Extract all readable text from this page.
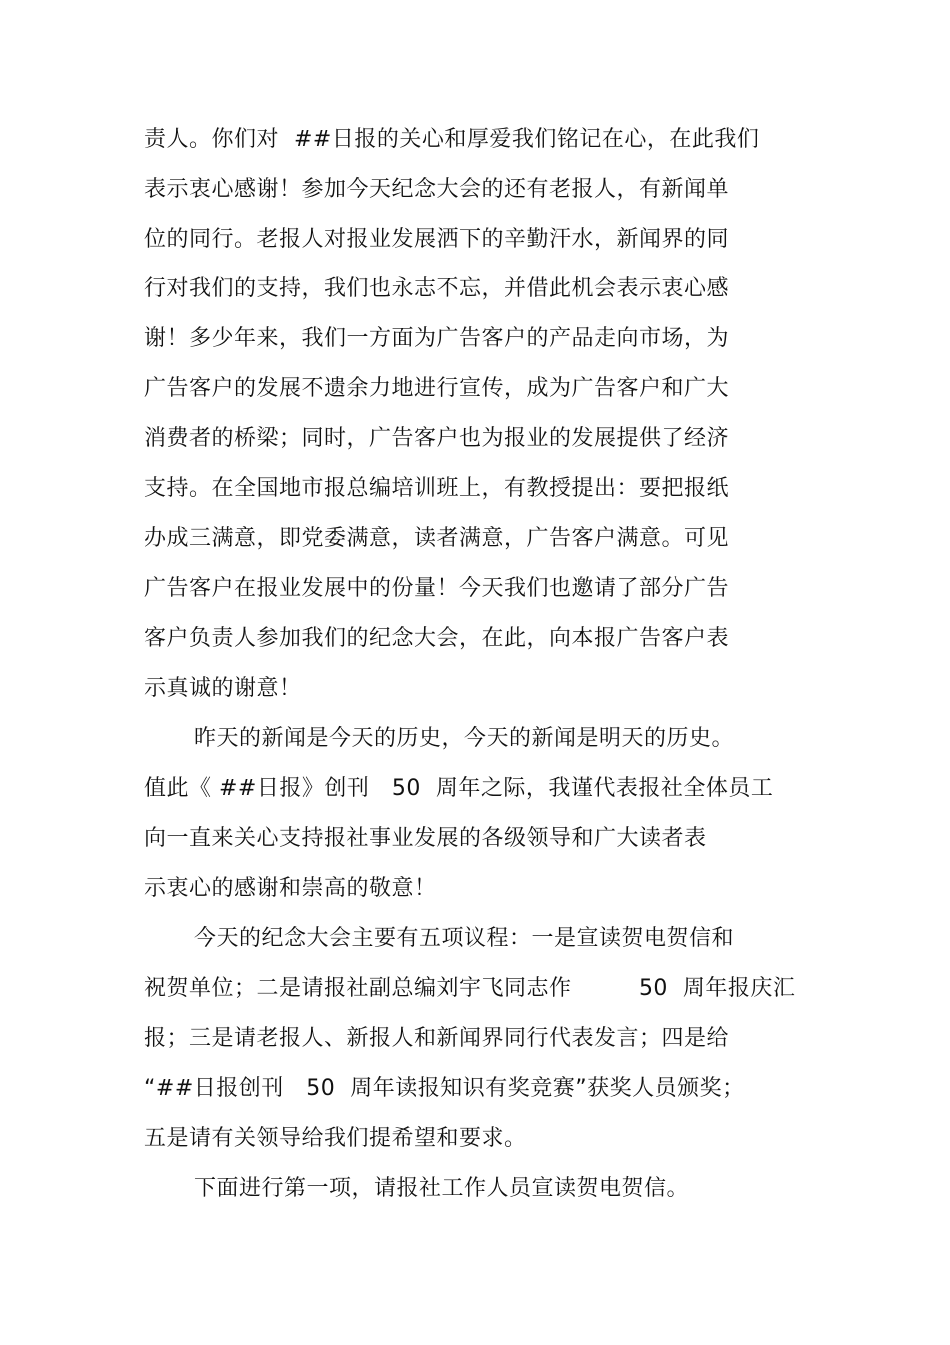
责人。你们对  ##日报的关心和厚爱我们铭记在心，在此我们
表示衷心感谢！参加今天纪念大会的还有老报人，有新闻单
位的同行。老报人对报业发展洒下的辛勤汗水，新闻界的同
行对我们的支持，我们也永志不忘，并借此机会表示衷心感
谢！多少年来，我们一方面为广告客户的产品走向市场，为
广告客户的发展不遗余力地进行宣传，成为广告客户和广大
消费者的桥梁；同时，广告客户也为报业的发展提供了经济
支持。在全国地市报总编培训班上，有教授提出：要把报纸
办成三满意，即党委满意，读者满意，广告客户满意。可见
广告客户在报业发展中的份量！今天我们也邀请了部分广告
客户负责人参加我们的纪念大会，在此，向本报广告客户表
示真诚的谢意！
昨天的新闻是今天的历史，今天的新闻是明天的历史。
值此《 ##日报》创刊   50  周年之际，我谨代表报社全体员工
向一直来关心支持报社事业发展的各级领导和广大读者表
示衷心的感谢和崇高的敬意！
今天的纪念大会主要有五项议程：一是宣读贺电贺信和
祝贺单位；二是请报社副总编刘宇飞同志作         50  周年报庆汇
报；三是请老报人、新报人和新闻界同行代表发言；四是给
“##日报创刊   50  周年读报知识有奖竞赛”获奖人员颁奖；
五是请有关领导给我们提希望和要求。
下面进行第一项，请报社工作人员宣读贺电贺信。
